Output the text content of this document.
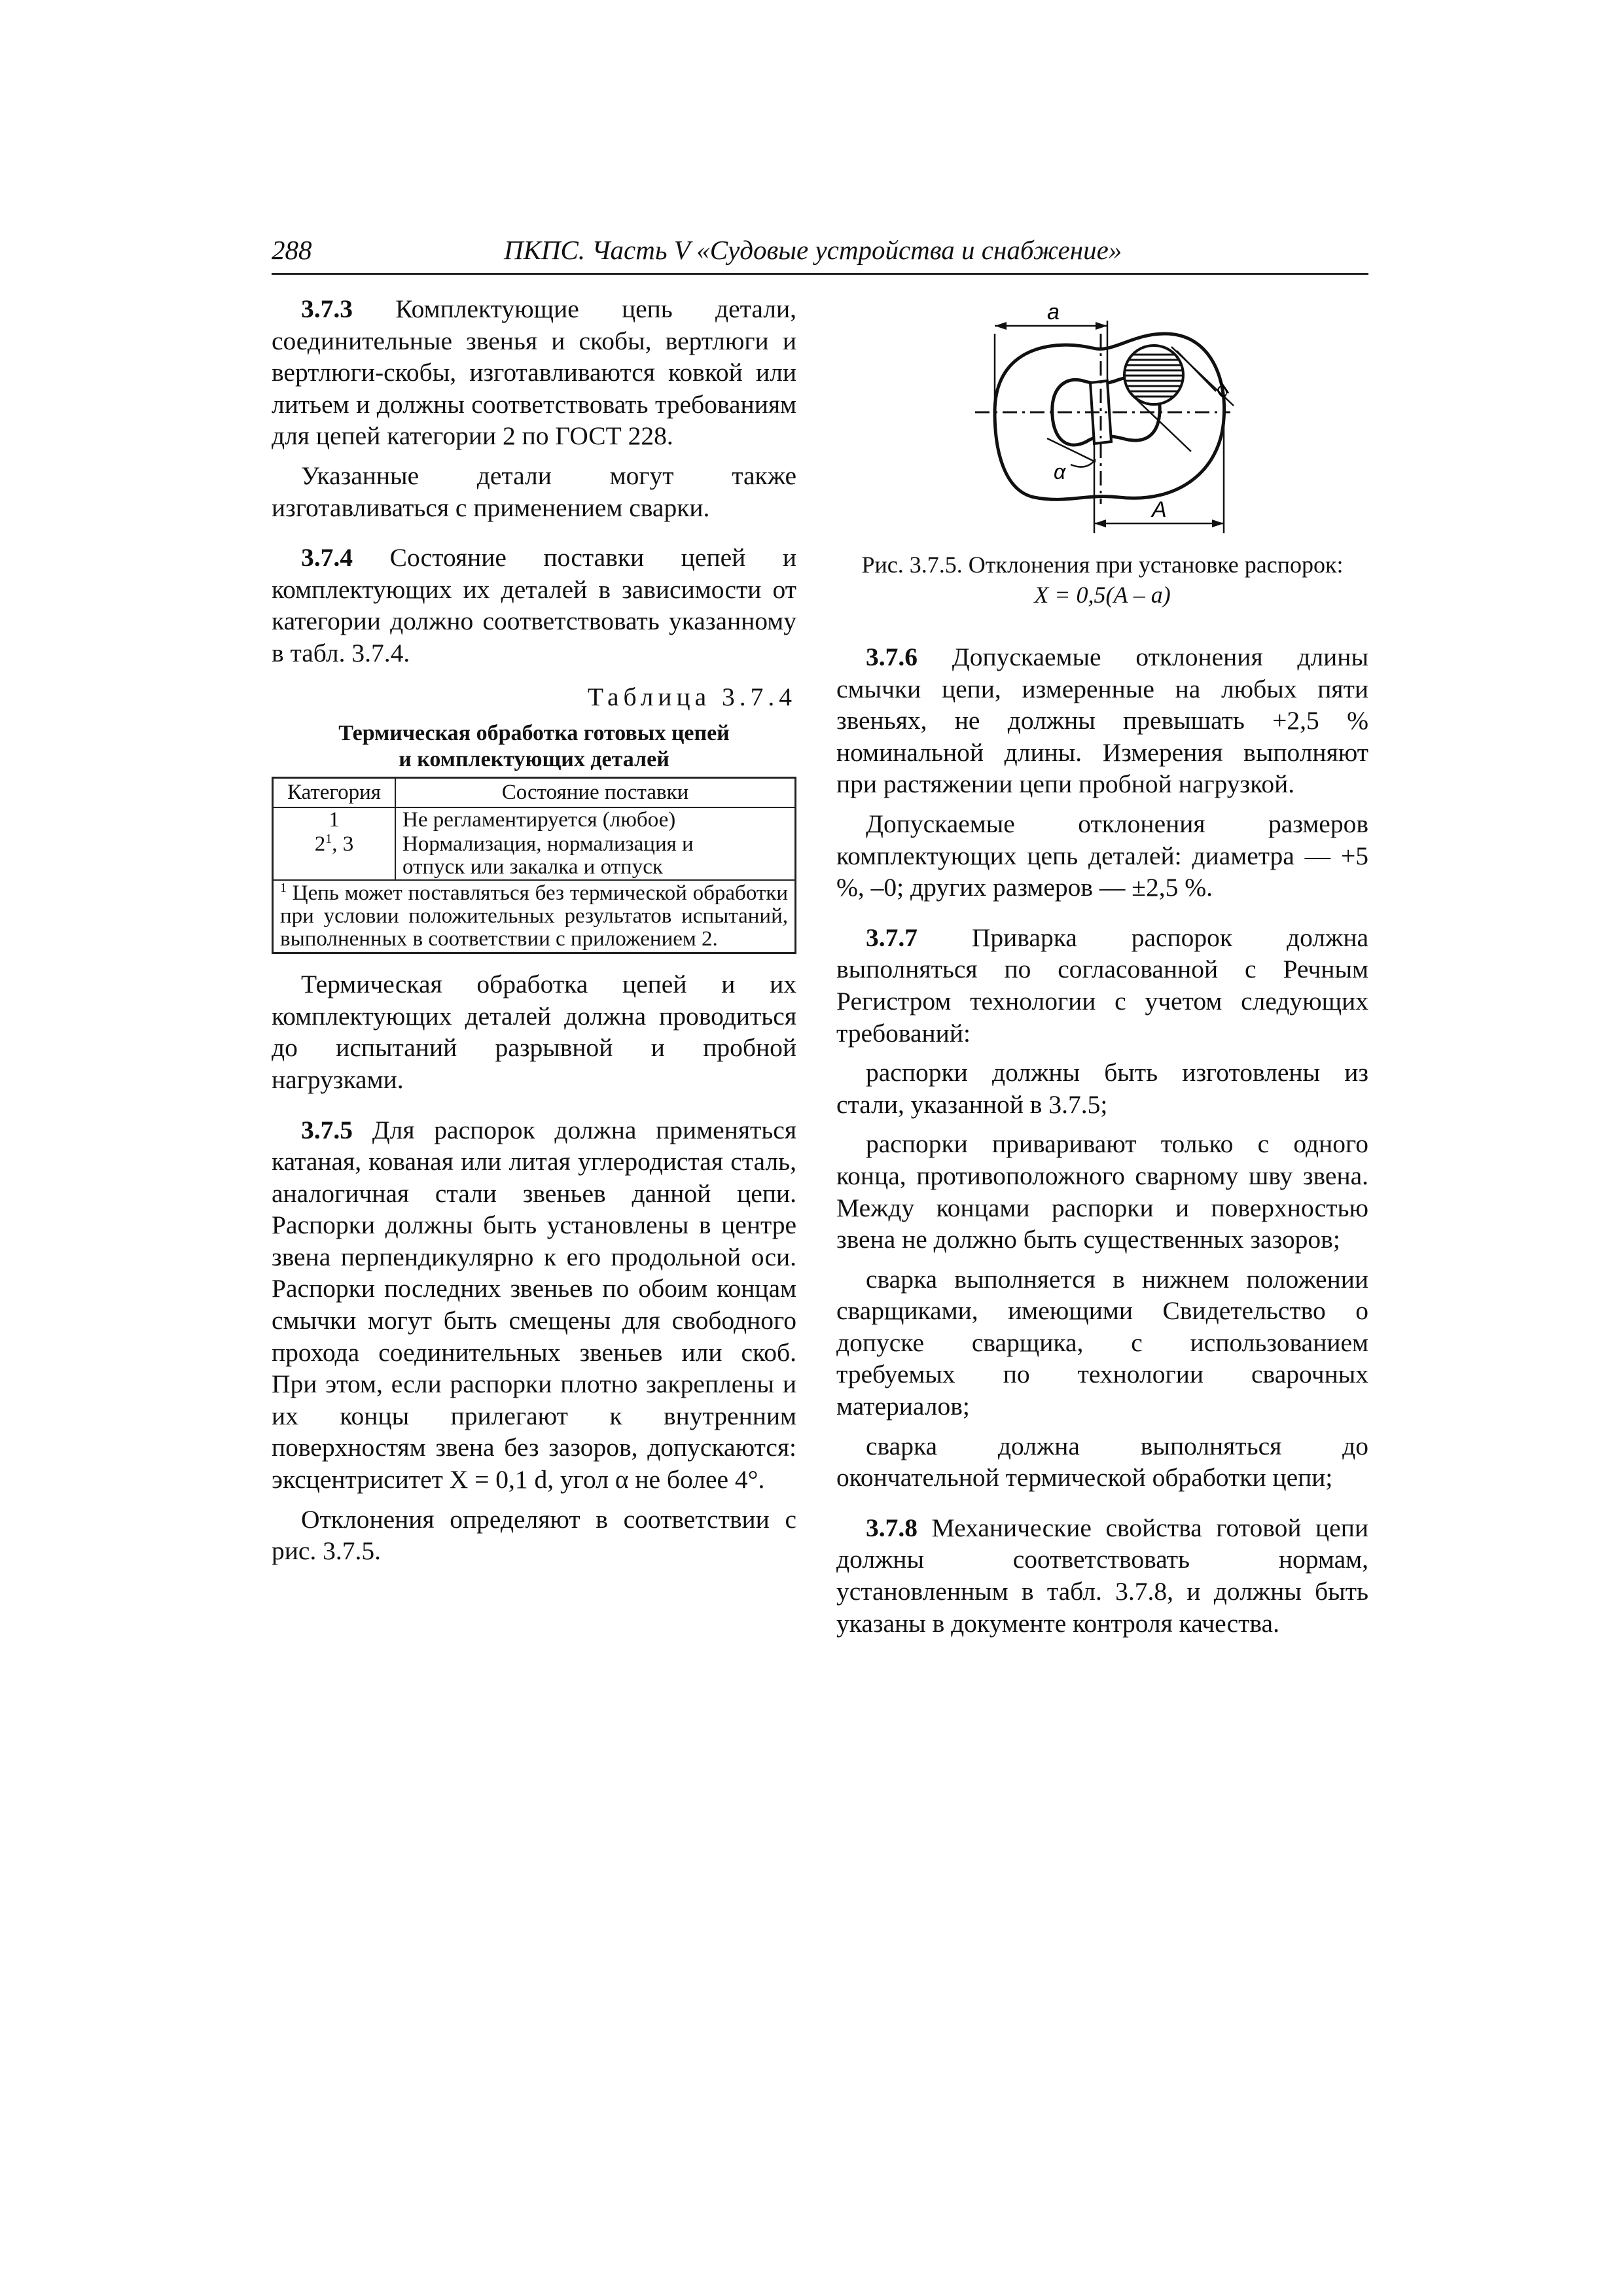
288	ПКПС. Часть V «Судовые устройства и снабжение»

3.7.3 Комплектующие цепь детали, соединительные звенья и скобы, вертлюги и вертлюги-скобы, изготавливаются ковкой или литьем и должны соответствовать требованиям для цепей категории 2 по ГОСТ 228.

Указанные детали могут также изготавливаться с применением сварки.

3.7.4 Состояние поставки цепей и комплектующих их деталей в зависимости от категории должно соответствовать указанному в табл. 3.7.4.

Таблица 3.7.4
Термическая обработка готовых цепей
и комплектующих деталей
Категория	Состояние поставки
1	Не регламентируется (любое)
$2^1$, 3	Нормализация, нормализация и
отпуск или закалка и отпуск

$^1$ Цепь может поставляться без термической обработки при условии положительных результатов испытаний, выполненных в соответствии с приложением 2.	

Термическая обработка цепей и их комплектующих деталей должна проводиться до испытаний разрывной и пробной нагрузками.

3.7.5 Для распорок должна применяться катаная, кованая или литая углеродистая сталь, аналогичная стали звеньев данной цепи. Распорки должны быть установлены в центре звена перпендикулярно к его продольной оси. Распорки последних звеньев по обоим концам смычки могут быть смещены для свободного прохода соединительных звеньев или скоб. При этом, если распорки плотно закреплены и их концы прилегают к внутренним поверхностям звена без зазоров, допускаются: эксцентриситет X = 0,1 d, угол α не более 4°.

Отклонения определяют в соответствии с рис. 3.7.5.

a
A
d
α
Рис. 3.7.5. Отклонения при установке распорок:
X = 0,5(A – a)

3.7.6 Допускаемые отклонения длины смычки цепи, измеренные на любых пяти звеньях, не должны превышать +2,5 % номинальной длины. Измерения выполняют при растяжении цепи пробной нагрузкой.

Допускаемые отклонения размеров комплектующих цепь деталей: диаметра — +5 %, –0; других размеров — ±2,5 %.

3.7.7 Приварка распорок должна выполняться по согласованной с Речным Регистром технологии с учетом следующих требований:

распорки должны быть изготовлены из стали, указанной в 3.7.5;

распорки приваривают только с одного конца, противоположного сварному шву звена. Между концами распорки и поверхностью звена не должно быть существенных зазоров;

сварка выполняется в нижнем положении сварщиками, имеющими Свидетельство о допуске сварщика, с использованием требуемых по технологии сварочных материалов;

сварка должна выполняться до окончательной термической обработки цепи;

3.7.8 Механические свойства готовой цепи должны соответствовать нормам, установленным в табл. 3.7.8, и должны быть указаны в документе контроля качества.
